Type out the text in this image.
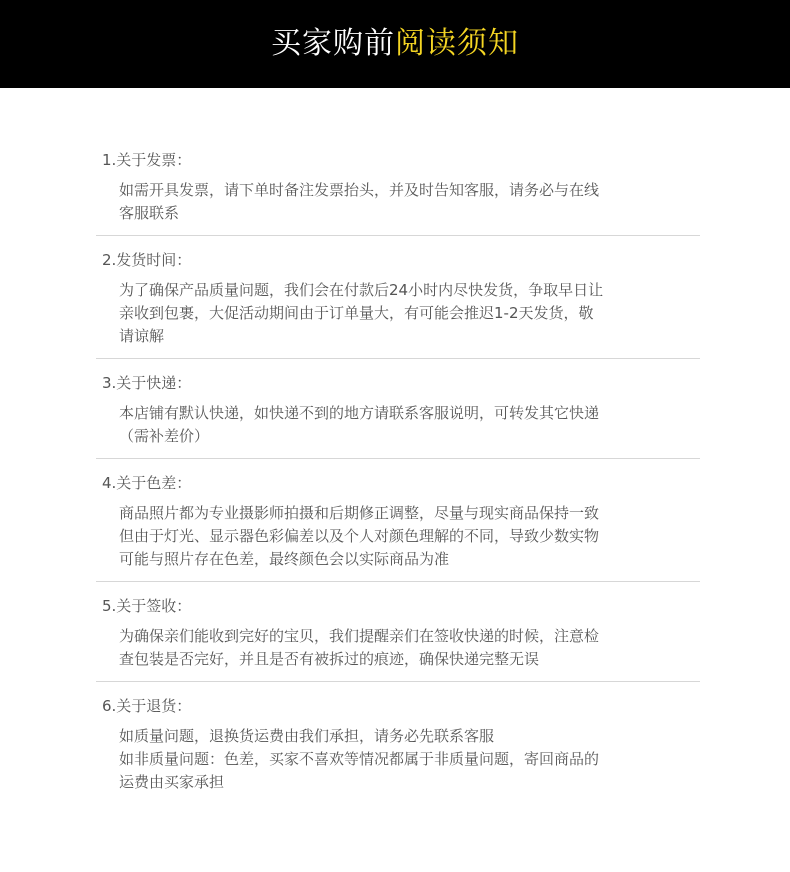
买家购前阅读须知
1.关于发票：
如需开具发票，请下单时备注发票抬头，并及时告知客服，请务必与在线
客服联系
2.发货时间：
为了确保产品质量问题，我们会在付款后24小时内尽快发货，争取早日让
亲收到包裹，大促活动期间由于订单量大，有可能会推迟1-2天发货，敬
请谅解
3.关于快递：
本店铺有默认快递，如快递不到的地方请联系客服说明，可转发其它快递
（需补差价）
4.关于色差：
商品照片都为专业摄影师拍摄和后期修正调整，尽量与现实商品保持一致
但由于灯光、显示器色彩偏差以及个人对颜色理解的不同，导致少数实物
可能与照片存在色差，最终颜色会以实际商品为准
5.关于签收：
为确保亲们能收到完好的宝贝，我们提醒亲们在签收快递的时候，注意检
查包装是否完好，并且是否有被拆过的痕迹，确保快递完整无误
6.关于退货：
如质量问题，退换货运费由我们承担，请务必先联系客服
如非质量问题：色差，买家不喜欢等情况都属于非质量问题，寄回商品的
运费由买家承担
